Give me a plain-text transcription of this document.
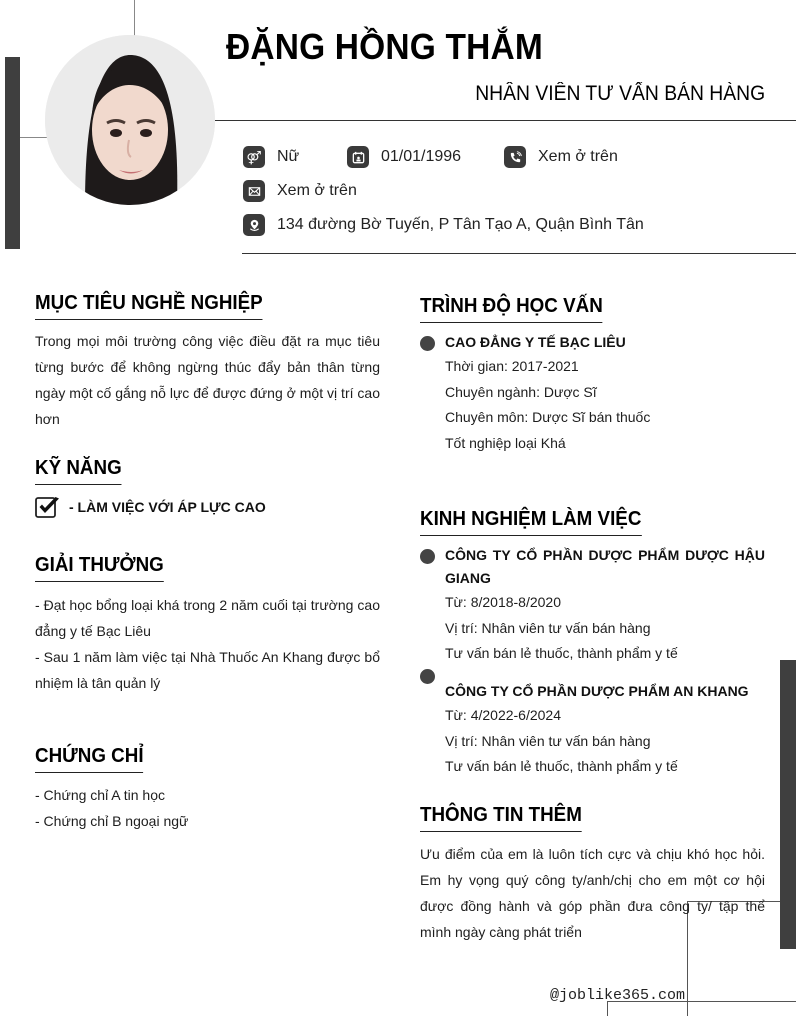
ĐẶNG HỒNG THẮM
NHÂN VIÊN TƯ VẤN BÁN HÀNG
⚤ Nữ	01/01/1996	Xem ở trên
Xem ở trên
134 đường Bờ Tuyến, P Tân Tạo A, Quận Bình Tân
MỤC TIÊU NGHỀ NGHIỆP
Trong mọi môi trường công việc điều đặt ra mục tiêu từng bước để không ngừng thúc đẩy bản thân từng ngày một cố gắng nỗ lực để được đứng ở một vị trí cao hơn
KỸ NĂNG
- LÀM VIỆC VỚI ÁP LỰC CAO
GIẢI THƯỞNG
- Đạt học bổng loại khá trong 2 năm cuối tại trường cao đẳng y tế Bạc Liêu
- Sau 1 năm làm việc tại Nhà Thuốc An Khang được bổ nhiệm là tân quản lý
CHỨNG CHỈ
- Chứng chỉ A tin học
- Chứng chỉ B ngoại ngữ
TRÌNH ĐỘ HỌC VẤN
CAO ĐẲNG Y TẾ BẠC LIÊU
Thời gian: 2017-2021
Chuyên ngành: Dược Sĩ
Chuyên môn: Dược Sĩ bán thuốc
Tốt nghiệp loại Khá
KINH NGHIỆM LÀM VIỆC
CÔNG TY CỔ PHẦN DƯỢC PHẨM DƯỢC HẬU GIANG
Từ: 8/2018-8/2020
Vị trí: Nhân viên tư vấn bán hàng
Tư vấn bán lẻ thuốc, thành phẩm y tế
CÔNG TY CỔ PHẦN DƯỢC PHẨM AN KHANG
Từ: 4/2022-6/2024
Vị trí: Nhân viên tư vấn bán hàng
Tư vấn bán lẻ thuốc, thành phẩm y tế
THÔNG TIN THÊM
Ưu điểm của em là luôn tích cực và chịu khó học hỏi. Em hy vọng quý công ty/anh/chị cho em một cơ hội được đồng hành và góp phần đưa công ty/ tập thể mình ngày càng phát triển
@joblike365.com
